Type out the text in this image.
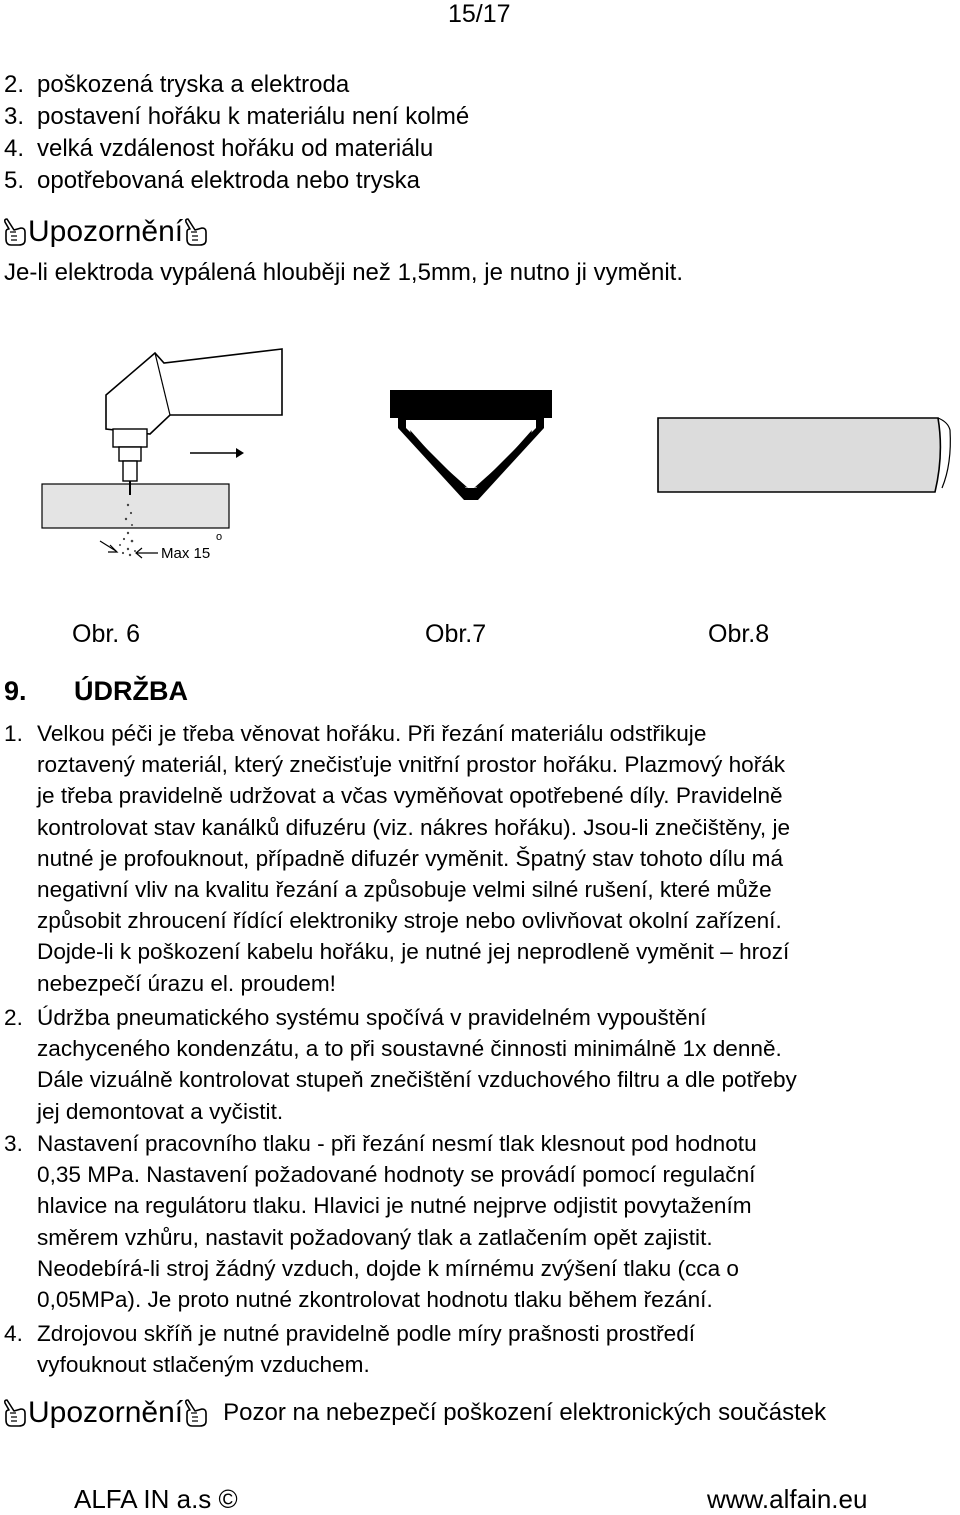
15/17
2. poškozená tryska a elektroda
3. postavení hořáku k materiálu není kolmé
4. velká vzdálenost hořáku od materiálu
5. opotřebovaná elektroda nebo tryska
Upozornění
Je-li elektroda vypálená hlouběji než 1,5mm, je nutno ji vyměnit.
Max 15
o
Obr. 6	Obr.7	Obr.8
9. ÚDRŽBA
1. Velkou péči je třeba věnovat hořáku. Při řezání materiálu odstřikuje
roztavený materiál, který znečisťuje vnitřní prostor hořáku. Plazmový hořák
je třeba pravidelně udržovat a včas vyměňovat opotřebené díly. Pravidelně
kontrolovat stav kanálků difuzéru (viz. nákres hořáku). Jsou-li znečištěny, je
nutné je profouknout, případně difuzér vyměnit. Špatný stav tohoto dílu má
negativní vliv na kvalitu řezání a způsobuje velmi silné rušení, které může
způsobit zhroucení řídící elektroniky stroje nebo ovlivňovat okolní zařízení.
Dojde-li k poškození kabelu hořáku, je nutné jej neprodleně vyměnit – hrozí
nebezpečí úrazu el. proudem!
2. Údržba pneumatického systému spočívá v pravidelném vypouštění
zachyceného kondenzátu, a to při soustavné činnosti minimálně 1x denně.
Dále vizuálně kontrolovat stupeň znečištění vzduchového filtru a dle potřeby
jej demontovat a vyčistit.
3. Nastavení pracovního tlaku - při řezání nesmí tlak klesnout pod hodnotu
0,35 MPa. Nastavení požadované hodnoty se provádí pomocí regulační
hlavice na regulátoru tlaku. Hlavici je nutné nejprve odjistit povytažením
směrem vzhůru, nastavit požadovaný tlak a zatlačením opět zajistit.
Neodebírá-li stroj žádný vzduch, dojde k mírnému zvýšení tlaku (cca o
0,05MPa). Je proto nutné zkontrolovat hodnotu tlaku během řezání.
4. Zdrojovou skříň je nutné pravidelně podle míry prašnosti prostředí
vyfouknout stlačeným vzduchem.
Upozornění Pozor na nebezpečí poškození elektronických součástek
ALFA IN a.s ©	www.alfain.eu
